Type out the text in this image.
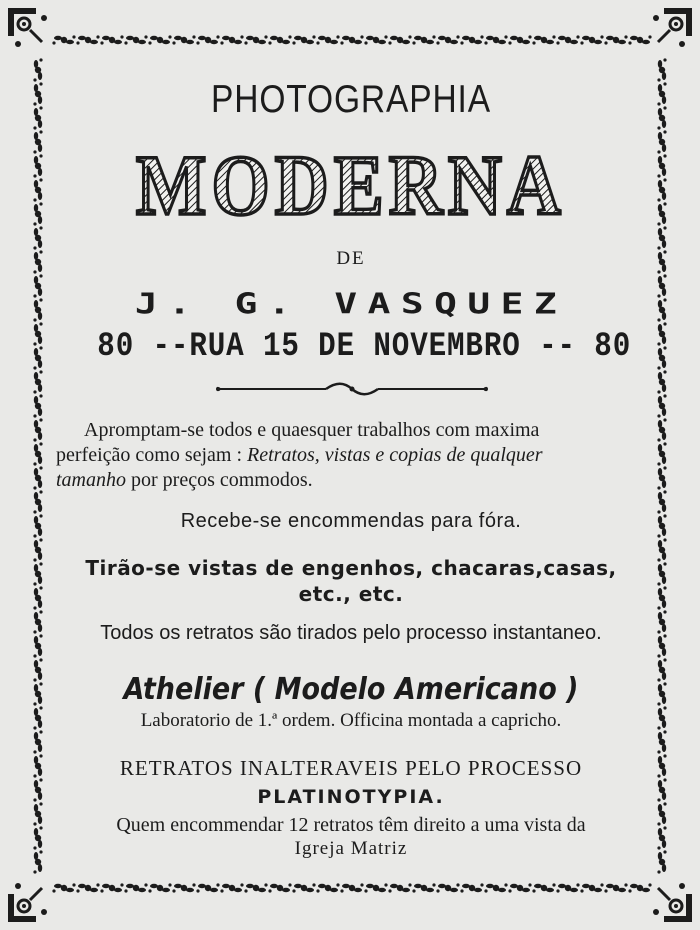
PHOTOGRAPHIA
MODERNA
DE
J. G. VASQUEZ
80 --RUA 15 DE NOVEMBRO -- 80
Apromptam-se todos e quaesquer trabalhos com maxima
perfeição como sejam : Retratos, vistas e copias de qualquer
tamanho por preços commodos.
Recebe-se encommendas para fóra.
Tirão-se vistas de engenhos, chacaras,casas,
etc., etc.
Todos os retratos são tirados pelo processo instantaneo.
Athelier ( Modelo Americano )
Laboratorio de 1.ª ordem. Officina montada a capricho.
RETRATOS INALTERAVEIS PELO PROCESSO
PLATINOTYPIA.
Quem encommendar 12 retratos têm direito a uma vista da
Igreja Matriz
